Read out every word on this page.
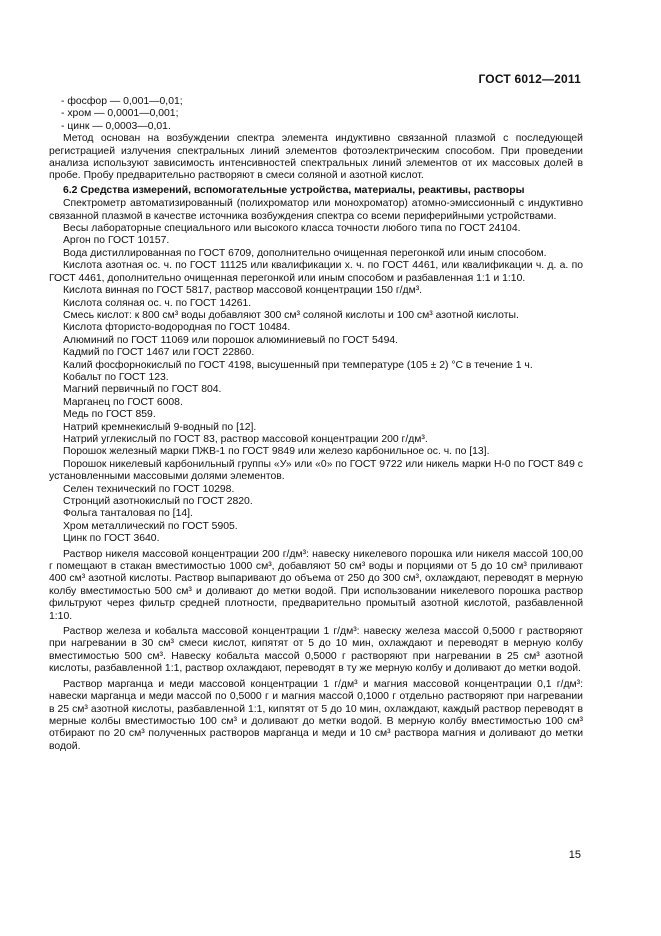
ГОСТ 6012—2011

- фосфор — 0,001—0,01;

- хром — 0,0001—0,001;

- цинк — 0,0003—0,01.

Метод основан на возбуждении спектра элемента индуктивно связанной плазмой с последующей регистрацией излучения спектральных линий элементов фотоэлектрическим способом. При проведении анализа используют зависимость интенсивностей спектральных линий элементов от их массовых долей в пробе. Пробу предварительно растворяют в смеси соляной и азотной кислот.

6.2 Средства измерений, вспомогательные устройства, материалы, реактивы, растворы

Спектрометр автоматизированный (полихроматор или монохроматор) атомно-эмиссионный с индуктивно связанной плазмой в качестве источника возбуждения спектра со всеми периферийными устройствами.

Весы лабораторные специального или высокого класса точности любого типа по ГОСТ 24104.

Аргон по ГОСТ 10157.

Вода дистиллированная по ГОСТ 6709, дополнительно очищенная перегонкой или иным способом.

Кислота азотная ос. ч. по ГОСТ 11125 или квалификации х. ч. по ГОСТ 4461, или квалификации ч. д. а. по ГОСТ 4461, дополнительно очищенная перегонкой или иным способом и разбавленная 1:1 и 1:10.

Кислота винная по ГОСТ 5817, раствор массовой концентрации 150 г/дм³.

Кислота соляная ос. ч. по ГОСТ 14261.

Смесь кислот: к 800 см³ воды добавляют 300 см³ соляной кислоты и 100 см³ азотной кислоты.

Кислота фтористо-водородная по ГОСТ 10484.

Алюминий по ГОСТ 11069 или порошок алюминиевый по ГОСТ 5494.

Кадмий по ГОСТ 1467 или ГОСТ 22860.

Калий фосфорнокислый по ГОСТ 4198, высушенный при температуре (105 ± 2) °С в течение 1 ч.

Кобальт по ГОСТ 123.

Магний первичный по ГОСТ 804.

Марганец по ГОСТ 6008.

Медь по ГОСТ 859.

Натрий кремнекислый 9-водный по [12].

Натрий углекислый по ГОСТ 83, раствор массовой концентрации 200 г/дм³.

Порошок железный марки ПЖВ-1 по ГОСТ 9849 или железо карбонильное ос. ч. по [13].

Порошок никелевый карбонильный группы «У» или «0» по ГОСТ 9722 или никель марки Н-0 по ГОСТ 849 с установленными массовыми долями элементов.

Селен технический по ГОСТ 10298.

Стронций азотнокислый по ГОСТ 2820.

Фольга танталовая по [14].

Хром металлический по ГОСТ 5905.

Цинк по ГОСТ 3640.

Раствор никеля массовой концентрации 200 г/дм³: навеску никелевого порошка или никеля массой 100,00 г помещают в стакан вместимостью 1000 см³, добавляют 50 см³ воды и порциями от 5 до 10 см³ приливают 400 см³ азотной кислоты. Раствор выпаривают до объема от 250 до 300 см³, охлаждают, переводят в мерную колбу вместимостью 500 см³ и доливают до метки водой. При использовании никелевого порошка раствор фильтруют через фильтр средней плотности, предварительно промытый азотной кислотой, разбавленной 1:10.

Раствор железа и кобальта массовой концентрации 1 г/дм³: навеску железа массой 0,5000 г растворяют при нагревании в 30 см³ смеси кислот, кипятят от 5 до 10 мин, охлаждают и переводят в мерную колбу вместимостью 500 см³. Навеску кобальта массой 0,5000 г растворяют при нагревании в 25 см³ азотной кислоты, разбавленной 1:1, раствор охлаждают, переводят в ту же мерную колбу и доливают до метки водой.

Раствор марганца и меди массовой концентрации 1 г/дм³ и магния массовой концентрации 0,1 г/дм³: навески марганца и меди массой по 0,5000 г и магния массой 0,1000 г отдельно растворяют при нагревании в 25 см³ азотной кислоты, разбавленной 1:1, кипятят от 5 до 10 мин, охлаждают, каждый раствор переводят в мерные колбы вместимостью 100 см³ и доливают до метки водой. В мерную колбу вместимостью 100 см³ отбирают по 20 см³ полученных растворов марганца и меди и 10 см³ раствора магния и доливают до метки водой.

15
